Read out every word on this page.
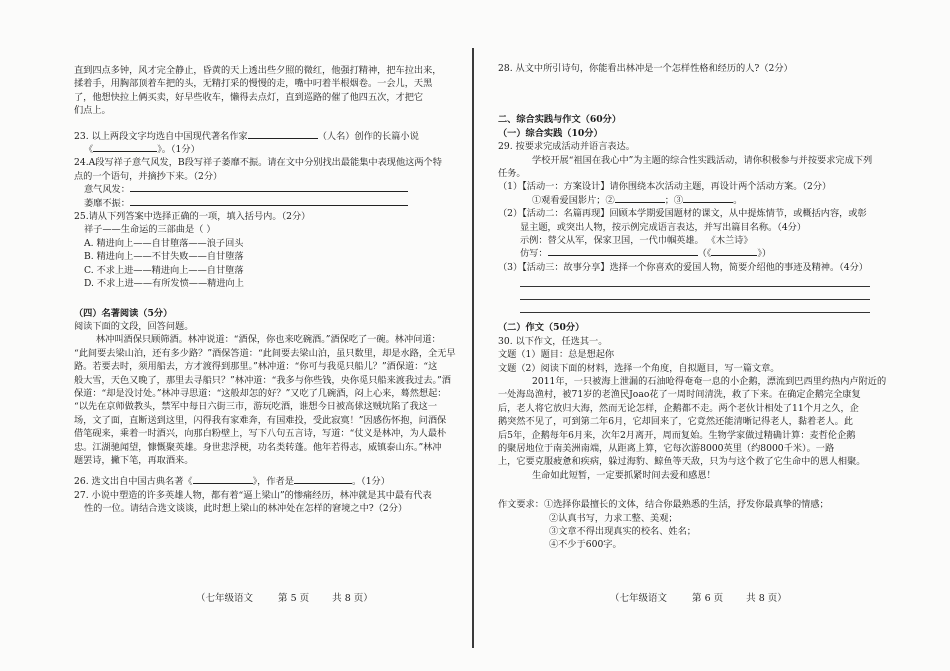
直到四点多钟，风才完全静止，昏黄的天上透出些夕照的微红，他强打精神，把车拉出来，

揉着手，用胸部顶着车把的头，无精打采的慢慢的走，嘴中叼着半根烟卷。一会儿，天黑

了，他想快拉上俩买卖，好早些收车，懒得去点灯，直到巡路的催了他四五次，才把它

们点上。

23. 以上两段文字均选自中国现代著名作家	（人名）创作的长篇小说

《	》。（1分）

24.A段写祥子意气风发，B段写祥子萎靡不振。请在文中分别找出最能集中表现他这两个特

点的一个语句，并摘抄下来。（2分）

意气风发：

萎靡不振：

25.请从下列答案中选择正确的一项，填入括号内。（2分）

祥子——生命运的三部曲是（ ）

A. 精进向上——自甘堕落——浪子回头

B. 精进向上——不甘失败——自甘堕落

C. 不求上进——精进向上——自甘堕落

D. 不求上进——有所发愤——精进向上

（四）名著阅读（5分）

阅读下面的文段，回答问题。

林冲叫酒保只顾筛酒。林冲说道：“酒保，你也来吃碗酒。”酒保吃了一碗。林冲问道：

“此间要去梁山泊，还有多少路？”酒保答道：“此间要去梁山泊，虽只数里，却是水路，全无早

路。若要去时，须用船去，方才渡得到那里。”林冲道：“你可与我觅只船儿？”酒保道：“这

般大雪，天色又晚了，那里去寻船只？”林冲道：“我多与你些钱，央你觅只船来渡我过去。”酒

保道：“却是没讨处。”林冲寻思道：“这般却怎的好？”又吃了几碗酒，闷上心来，蓦然想起：

“以先在京师做教头，禁军中每日六街三市，游玩吃酒，谁想今日被高俅这贼坑陷了我这一

场，文了面，直断送到这里，闪得我有家难奔，有国难投，受此寂寞！”因感伤怀抱，问酒保

借笔砚来，乘着一时酒兴，向那白粉壁上，写下八句五言诗，写道：“仗义是林冲，为人最朴

忠。江湖驰闻望，慷慨聚英雄。身世悲浮梗，功名类转蓬。他年若得志，威镇泰山东。”林冲

题罢诗，撇下笔，再取酒来。

26. 选文出自中国古典名著《	》，作者是	。（1分）

27. 小说中塑造的许多英雄人物，都有着“逼上梁山”的惨痛经历，林冲就是其中最有代表

性的一位。请结合选文谈谈，此时想上梁山的林冲处在怎样的窘境之中?（2分）

（七年级语文	第 5 页 共 8 页）

28. 从文中所引诗句，你能看出林冲是一个怎样性格和经历的人?（2分）

二、综合实践与作文（60分）

（一）综合实践（10分）

29. 按要求完成活动并语言表达。

学校开展“祖国在我心中”为主题的综合性实践活动，请你积极参与并按要求完成下列

任务。

（1）【活动一：方案设计】请你围绕本次活动主题，再设计两个活动方案。（2分）

①观看爱国影片；②	；③	。

（2）【活动二：名篇再现】回顾本学期爱国题材的课文，从中提炼情节，或概括内容，或彰

显主题，或突出人物，按示例完成语言表达，并写出篇目名称。（4分）

示例：替父从军，保家卫国，一代巾帼英雄。 《木兰诗》

仿写：	（《	》）

（3）【活动三：故事分享】选择一个你喜欢的爱国人物，简要介绍他的事迹及精神。（4分）

（二）作文（50分）

30. 以下作文，任选其一。

文题（1）题目：总是想起你

文题（2）阅读下面的材料，选择一个角度，自拟题目，写一篇文章。

2011年，一只被海上泄漏的石油呛得奄奄一息的小企鹅，漂流到巴西里约热内卢附近的

一处海岛渔村，被71岁的老渔民Joao花了一周时间清洗，救了下来。在确定企鹅完全康复

后，老人将它放归大海，然而无论怎样，企鹅都不走。两个老伙计相处了11个月之久，企

鹅突然不见了，可到第二年6月，它却回来了，它竟然还能清晰记得老人，黏着老人。此

后5年，企鹅每年6月来，次年2月离开，周而复始。生物学家做过精确计算：麦哲伦企鹅

的聚居地位于南美洲南端，从距离上算，它每次游8000英里（约8000千米）。一路

上，它要克服疲惫和疾病，躲过海豹、鲸鱼等天敌，只为与这个救了它生命中的恩人相聚。

生命如此短暂，一定要抓紧时间去爱和感恩！

作文要求：①选择你最擅长的文体，结合你最熟悉的生活，抒发你最真挚的情感；

②认真书写，力求工整、美观；

③文章不得出现真实的校名、姓名；

④不少于600字。

（七年级语文	第 6 页 共 8 页）
